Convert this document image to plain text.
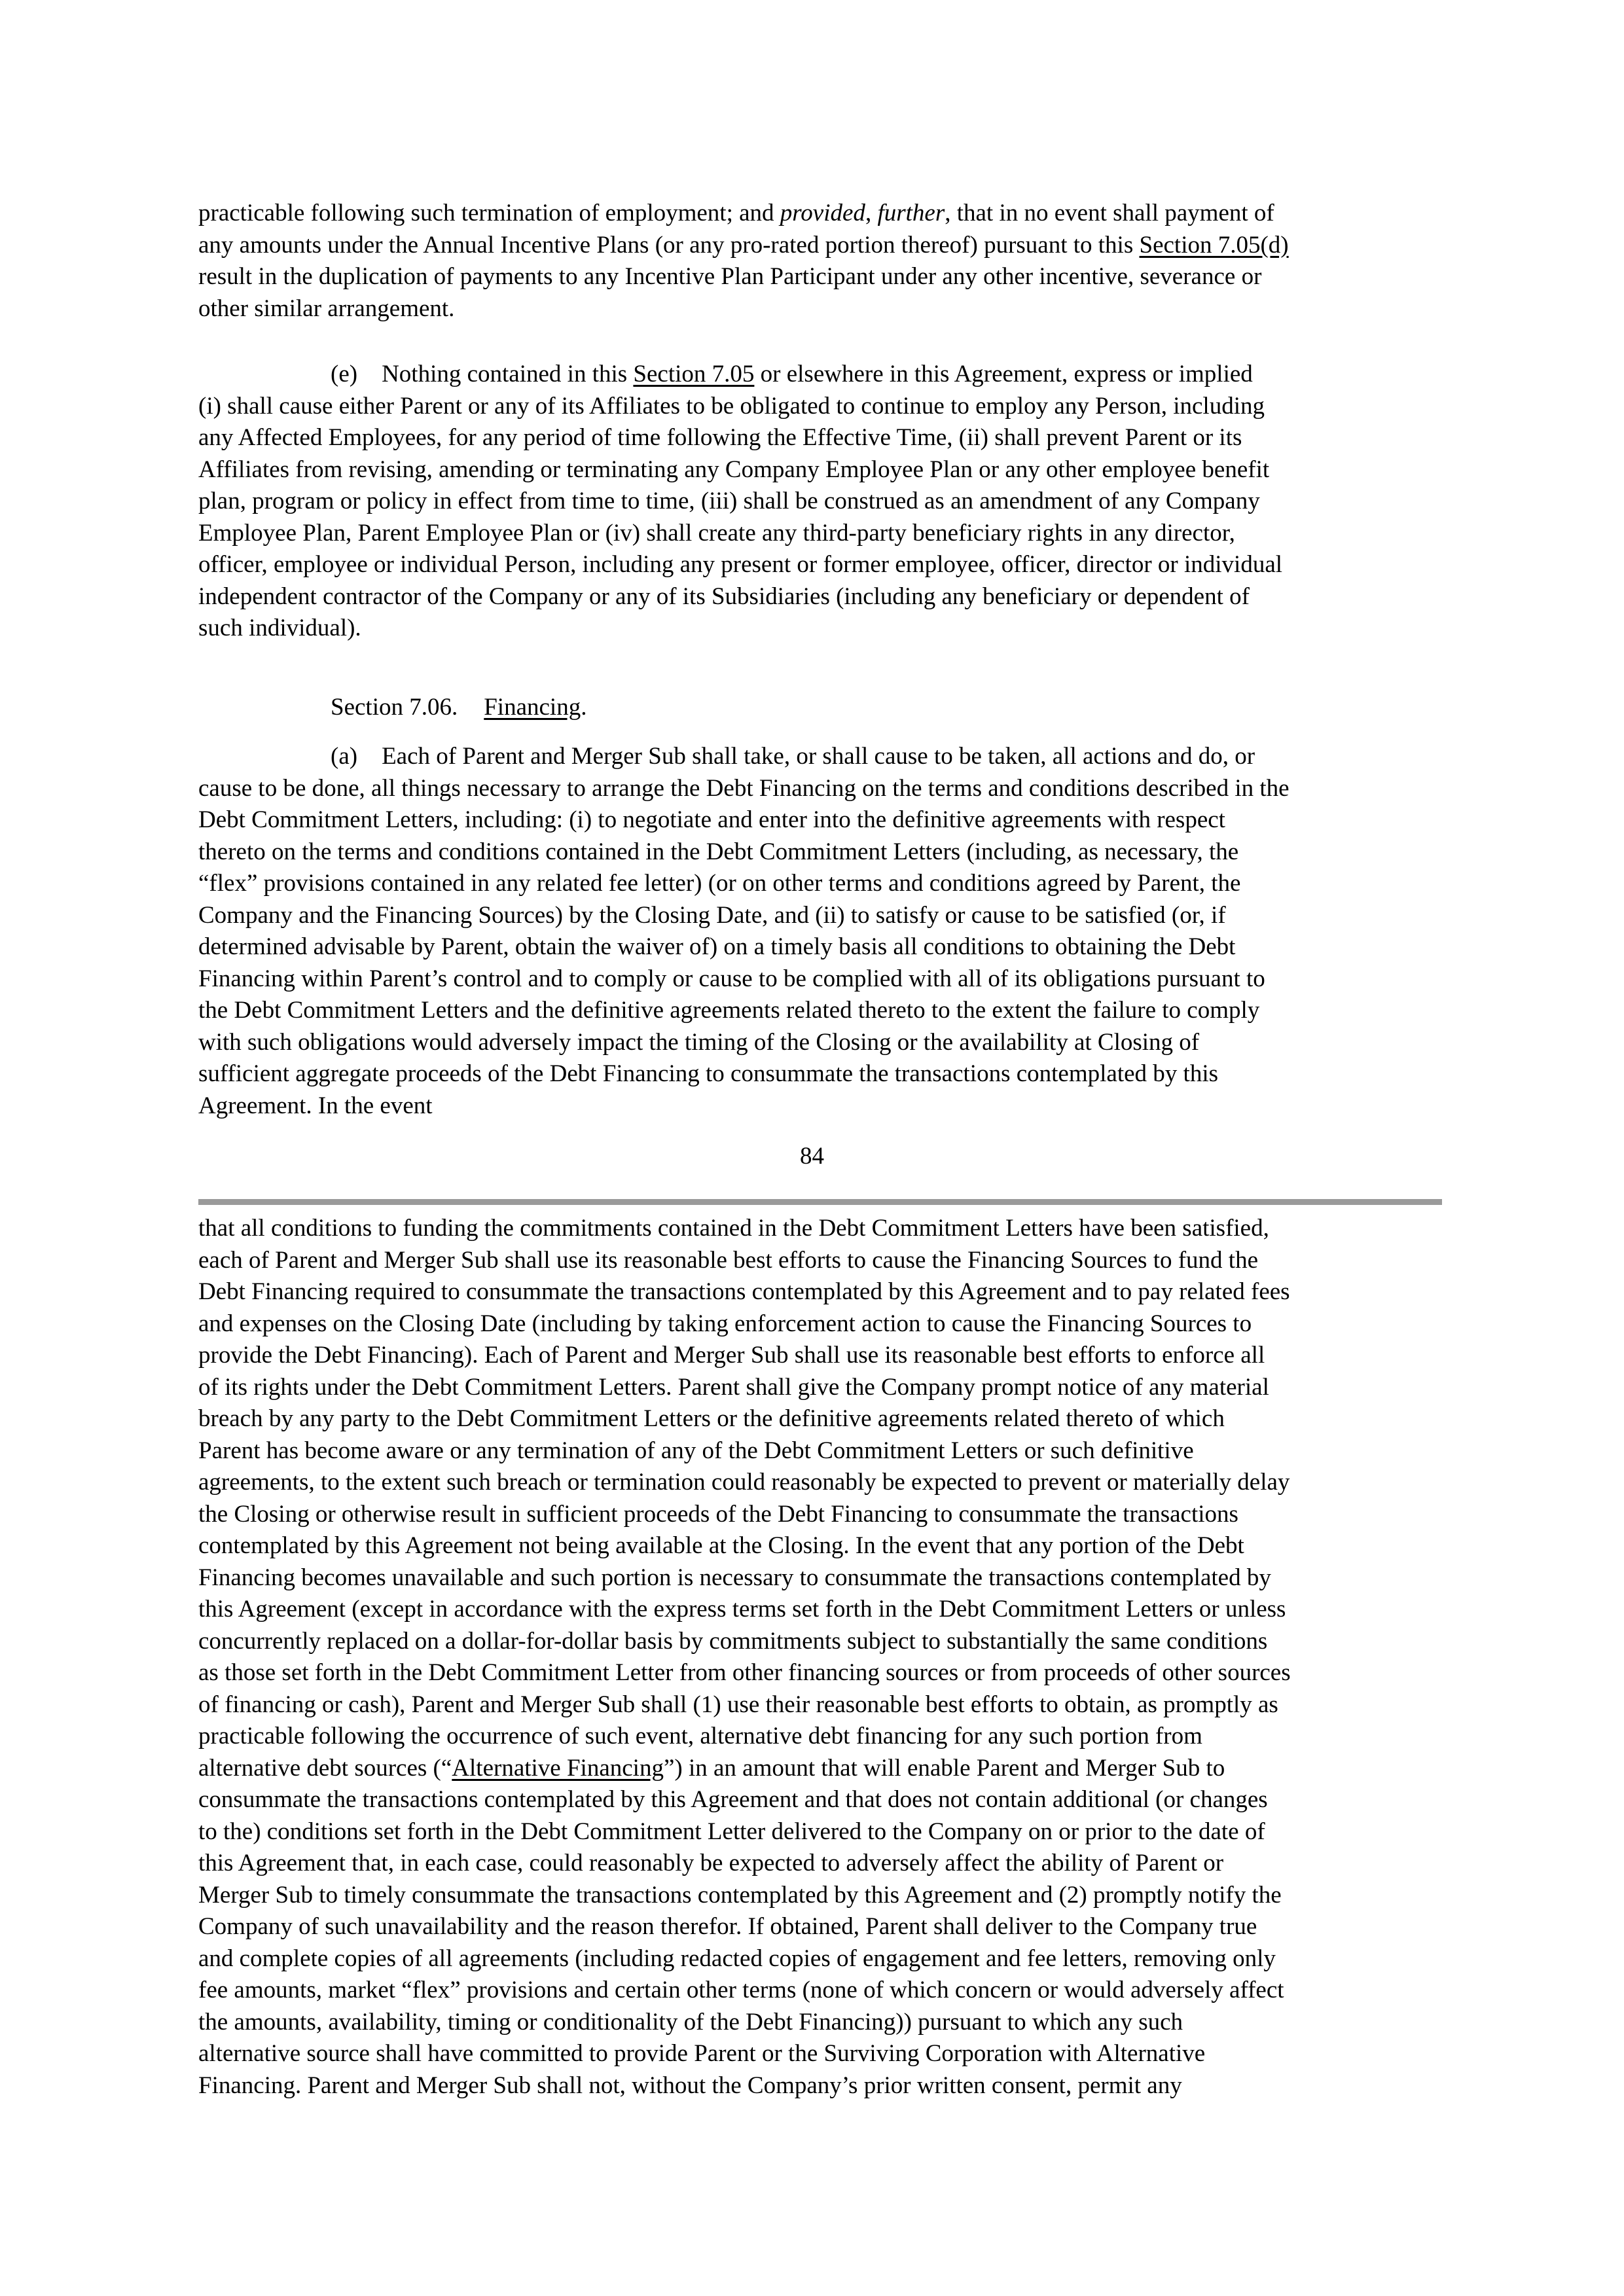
practicable following such termination of employment; and provided, further, that in no event shall payment of
any amounts under the Annual Incentive Plans (or any pro-rated portion thereof) pursuant to this Section 7.05(d)
result in the duplication of payments to any Incentive Plan Participant under any other incentive, severance or
other similar arrangement.
(e)    Nothing contained in this Section 7.05 or elsewhere in this Agreement, express or implied
(i) shall cause either Parent or any of its Affiliates to be obligated to continue to employ any Person, including
any Affected Employees, for any period of time following the Effective Time, (ii) shall prevent Parent or its
Affiliates from revising, amending or terminating any Company Employee Plan or any other employee benefit
plan, program or policy in effect from time to time, (iii) shall be construed as an amendment of any Company
Employee Plan, Parent Employee Plan or (iv) shall create any third-party beneficiary rights in any director,
officer, employee or individual Person, including any present or former employee, officer, director or individual
independent contractor of the Company or any of its Subsidiaries (including any beneficiary or dependent of
such individual).
Section 7.06. Financing.
(a)    Each of Parent and Merger Sub shall take, or shall cause to be taken, all actions and do, or
cause to be done, all things necessary to arrange the Debt Financing on the terms and conditions described in the
Debt Commitment Letters, including: (i) to negotiate and enter into the definitive agreements with respect
thereto on the terms and conditions contained in the Debt Commitment Letters (including, as necessary, the
“flex” provisions contained in any related fee letter) (or on other terms and conditions agreed by Parent, the
Company and the Financing Sources) by the Closing Date, and (ii) to satisfy or cause to be satisfied (or, if
determined advisable by Parent, obtain the waiver of) on a timely basis all conditions to obtaining the Debt
Financing within Parent’s control and to comply or cause to be complied with all of its obligations pursuant to
the Debt Commitment Letters and the definitive agreements related thereto to the extent the failure to comply
with such obligations would adversely impact the timing of the Closing or the availability at Closing of
sufficient aggregate proceeds of the Debt Financing to consummate the transactions contemplated by this
Agreement. In the event
84
that all conditions to funding the commitments contained in the Debt Commitment Letters have been satisfied,
each of Parent and Merger Sub shall use its reasonable best efforts to cause the Financing Sources to fund the
Debt Financing required to consummate the transactions contemplated by this Agreement and to pay related fees
and expenses on the Closing Date (including by taking enforcement action to cause the Financing Sources to
provide the Debt Financing). Each of Parent and Merger Sub shall use its reasonable best efforts to enforce all
of its rights under the Debt Commitment Letters. Parent shall give the Company prompt notice of any material
breach by any party to the Debt Commitment Letters or the definitive agreements related thereto of which
Parent has become aware or any termination of any of the Debt Commitment Letters or such definitive
agreements, to the extent such breach or termination could reasonably be expected to prevent or materially delay
the Closing or otherwise result in sufficient proceeds of the Debt Financing to consummate the transactions
contemplated by this Agreement not being available at the Closing. In the event that any portion of the Debt
Financing becomes unavailable and such portion is necessary to consummate the transactions contemplated by
this Agreement (except in accordance with the express terms set forth in the Debt Commitment Letters or unless
concurrently replaced on a dollar-for-dollar basis by commitments subject to substantially the same conditions
as those set forth in the Debt Commitment Letter from other financing sources or from proceeds of other sources
of financing or cash), Parent and Merger Sub shall (1) use their reasonable best efforts to obtain, as promptly as
practicable following the occurrence of such event, alternative debt financing for any such portion from
alternative debt sources (“Alternative Financing”) in an amount that will enable Parent and Merger Sub to
consummate the transactions contemplated by this Agreement and that does not contain additional (or changes
to the) conditions set forth in the Debt Commitment Letter delivered to the Company on or prior to the date of
this Agreement that, in each case, could reasonably be expected to adversely affect the ability of Parent or
Merger Sub to timely consummate the transactions contemplated by this Agreement and (2) promptly notify the
Company of such unavailability and the reason therefor. If obtained, Parent shall deliver to the Company true
and complete copies of all agreements (including redacted copies of engagement and fee letters, removing only
fee amounts, market “flex” provisions and certain other terms (none of which concern or would adversely affect
the amounts, availability, timing or conditionality of the Debt Financing)) pursuant to which any such
alternative source shall have committed to provide Parent or the Surviving Corporation with Alternative
Financing. Parent and Merger Sub shall not, without the Company’s prior written consent, permit any
